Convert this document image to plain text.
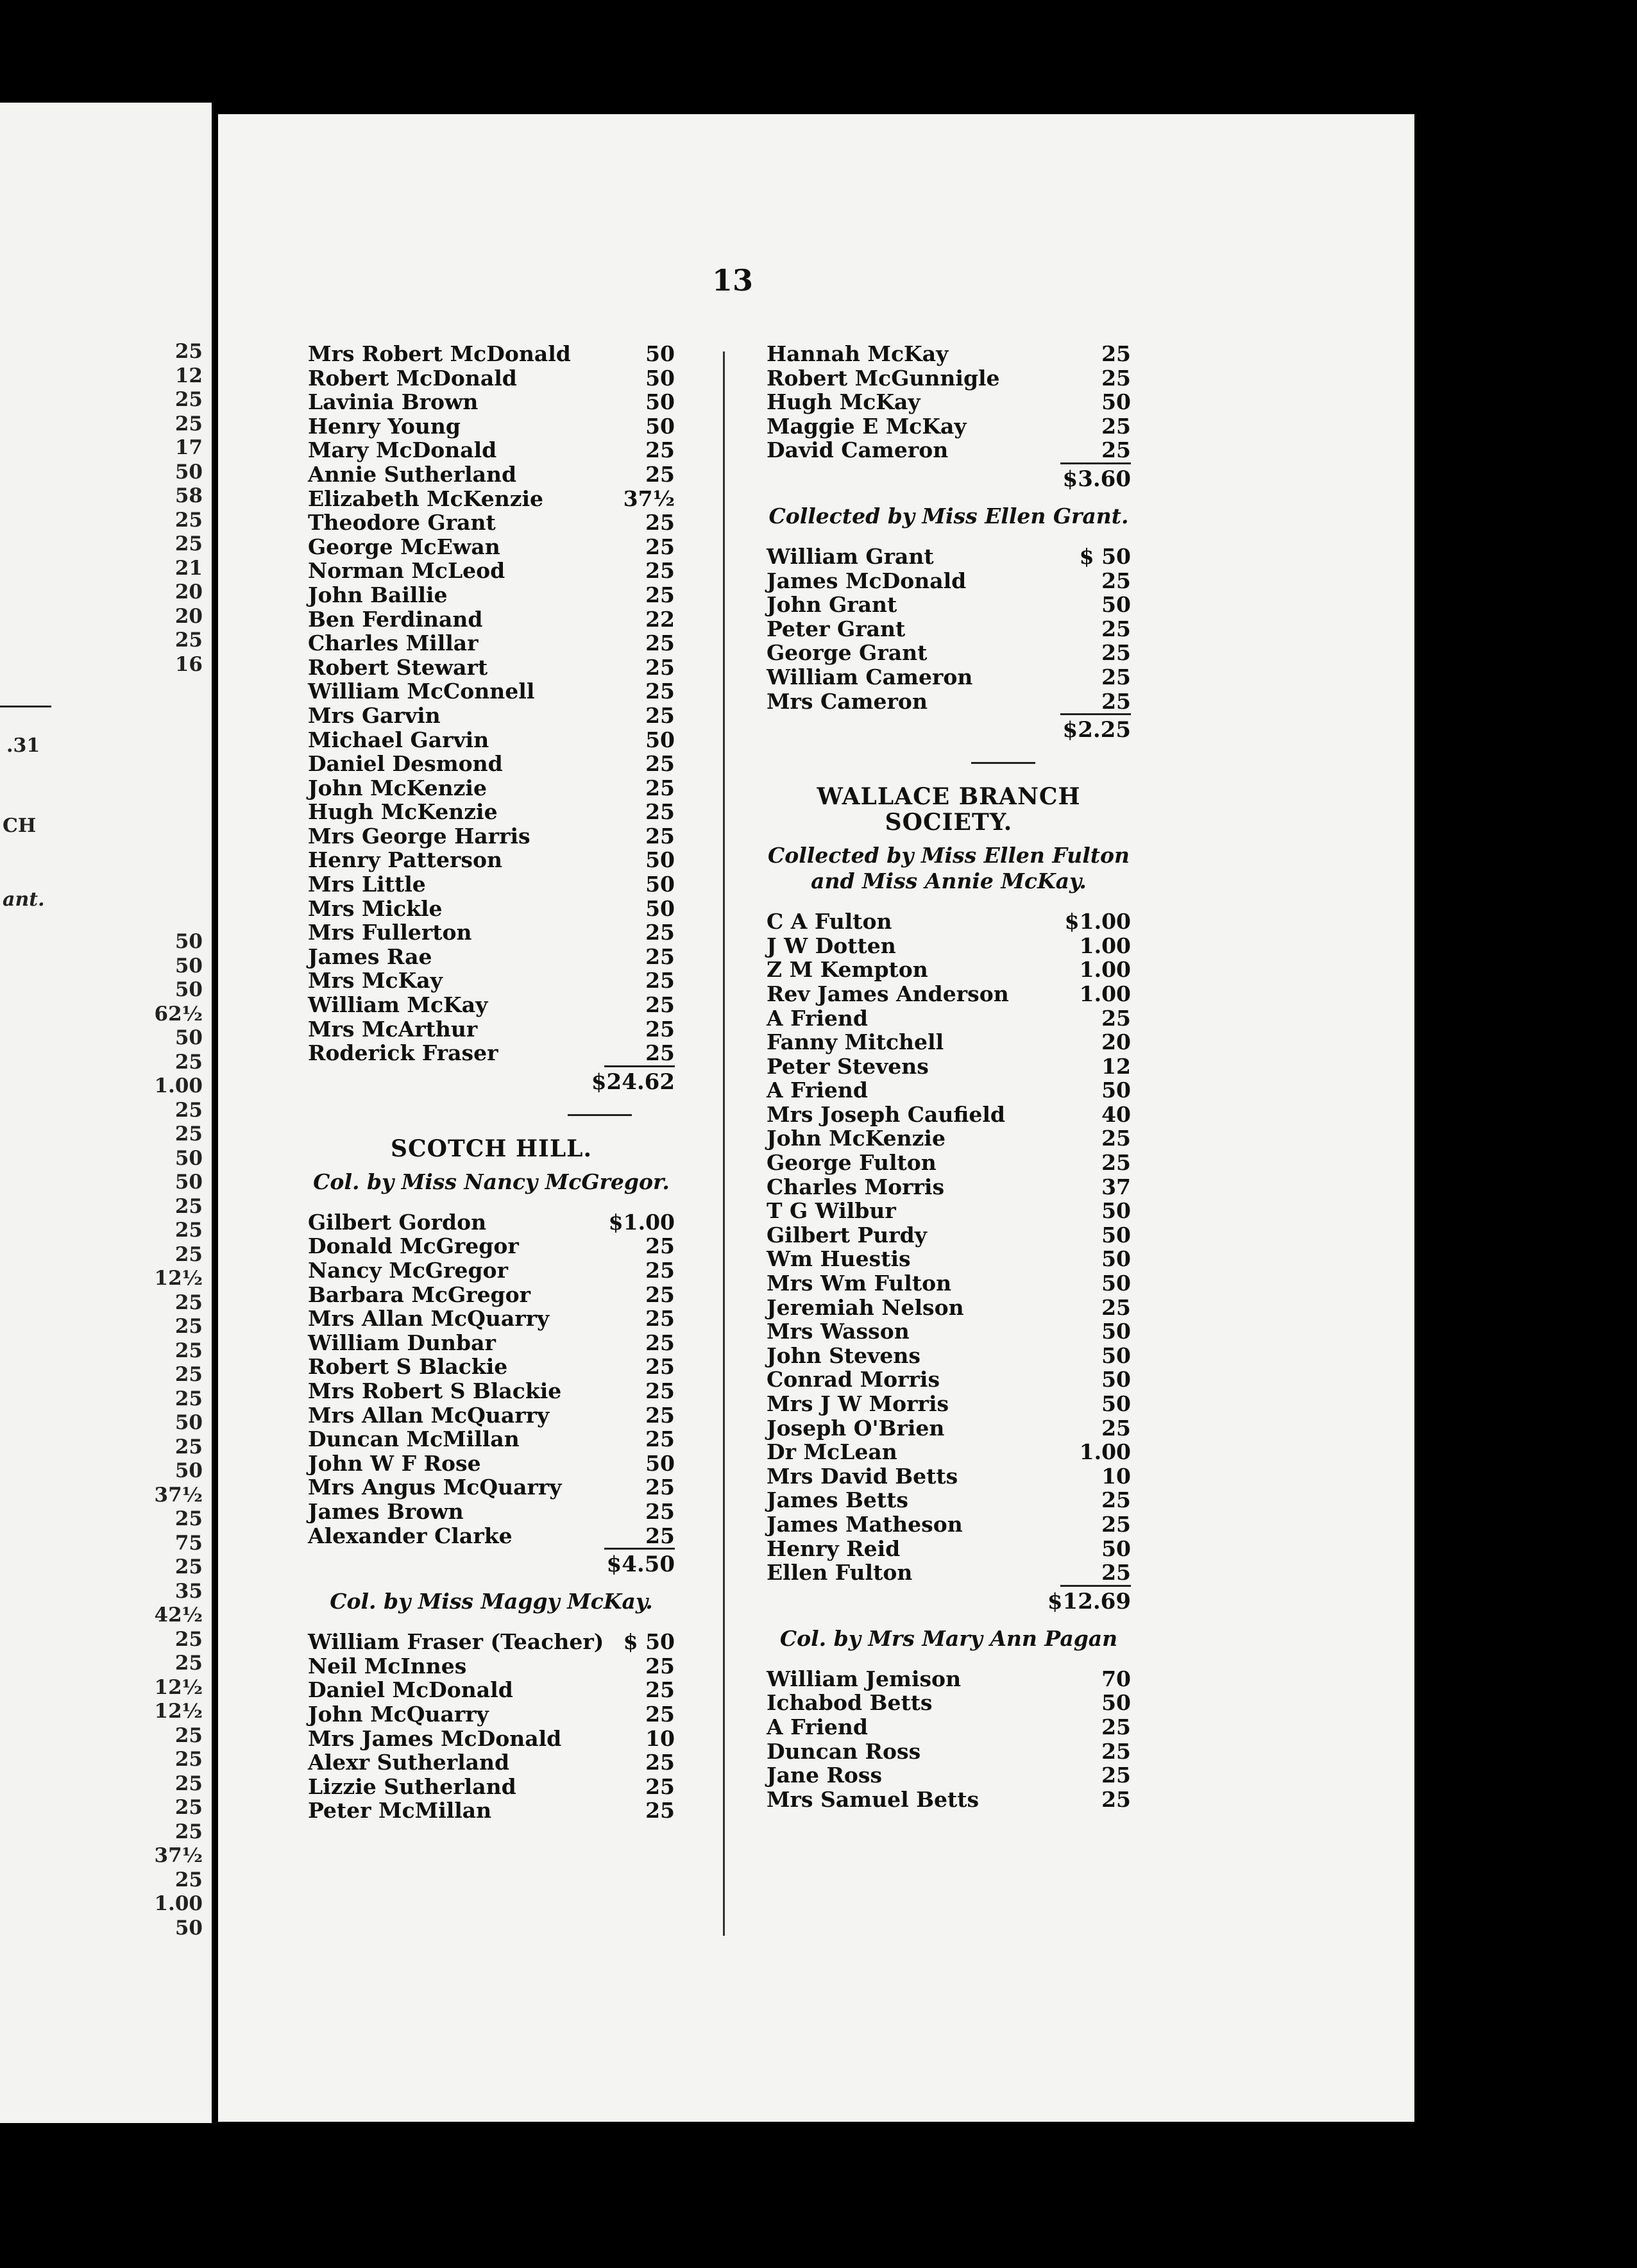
25
12
25
25
17
50
58
25
25
21
20
20
25
16
.31
CH
ant.
50
50
50
62½
50
25
1.00
25
25
50
50
25
25
25
12½
25
25
25
25
25
50
25
50
37½
25
75
25
35
42½
25
25
12½
12½
25
25
25
25
25
37½
25
1.00
50
13
Mrs Robert McDonald	50
Robert McDonald	50
Lavinia Brown	50
Henry Young	50
Mary McDonald	25
Annie Sutherland	25
Elizabeth McKenzie	37½
Theodore Grant	25
George McEwan	25
Norman McLeod	25
John Baillie	25
Ben Ferdinand	22
Charles Millar	25
Robert Stewart	25
William McConnell	25
Mrs Garvin	25
Michael Garvin	50
Daniel Desmond	25
John McKenzie	25
Hugh McKenzie	25
Mrs George Harris	25
Henry Patterson	50
Mrs Little	50
Mrs Mickle	50
Mrs Fullerton	25
James Rae	25
Mrs McKay	25
William McKay	25
Mrs McArthur	25
Roderick Fraser	25
$24.62
SCOTCH HILL.
Col. by Miss Nancy McGregor.
Gilbert Gordon	$1.00
Donald McGregor	25
Nancy McGregor	25
Barbara McGregor	25
Mrs Allan McQuarry	25
William Dunbar	25
Robert S Blackie	25
Mrs Robert S Blackie	25
Mrs Allan McQuarry	25
Duncan McMillan	25
John W F Rose	50
Mrs Angus McQuarry	25
James Brown	25
Alexander Clarke	25
$4.50
Col. by Miss Maggy McKay.
William Fraser (Teacher) $ 50
Neil McInnes	25
Daniel McDonald	25
John McQuarry	25
Mrs James McDonald	10
Alexr Sutherland	25
Lizzie Sutherland	25
Peter McMillan	25
Hannah McKay	25
Robert McGunnigle	25
Hugh McKay	50
Maggie E McKay	25
David Cameron	25
$3.60
Collected by Miss Ellen Grant.
William Grant	$ 50
James McDonald	25
John Grant	50
Peter Grant	25
George Grant	25
William Cameron	25
Mrs Cameron	25
$2.25
WALLACE BRANCH
SOCIETY.
Collected by Miss Ellen Fulton
and Miss Annie McKay.
C A Fulton	$1.00
J W Dotten	1.00
Z M Kempton	1.00
Rev James Anderson	1.00
A Friend	25
Fanny Mitchell	20
Peter Stevens	12
A Friend	50
Mrs Joseph Caufield	40
John McKenzie	25
George Fulton	25
Charles Morris	37
T G Wilbur	50
Gilbert Purdy	50
Wm Huestis	50
Mrs Wm Fulton	50
Jeremiah Nelson	25
Mrs Wasson	50
John Stevens	50
Conrad Morris	50
Mrs J W Morris	50
Joseph O'Brien	25
Dr McLean	1.00
Mrs David Betts	10
James Betts	25
James Matheson	25
Henry Reid	50
Ellen Fulton	25
$12.69
Col. by Mrs Mary Ann Pagan
William Jemison	70
Ichabod Betts	50
A Friend	25
Duncan Ross	25
Jane Ross	25
Mrs Samuel Betts	25
